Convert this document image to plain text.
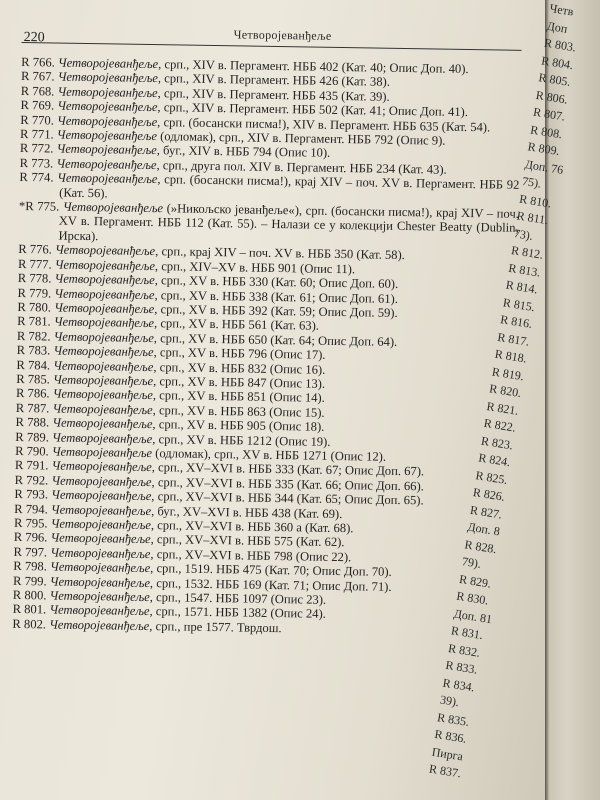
220	Четворојеванђеље
R 766. Четворојеванђеље, срп., XIV в. Пергамент. НББ 402 (Кат. 40; Опис Доп. 40).
R 767. Четворојеванђеље, срп., XIV в. Пергамент. НББ 426 (Кат. 38).
R 768. Четворојеванђеље, срп., XIV в. Пергамент. НББ 435 (Кат. 39).
R 769. Четворојеванђеље, срп., XIV в. Пергамент. НББ 502 (Кат. 41; Опис Доп. 41).
R 770. Четворојеванђеље, срп. (босански писма!), XIV в. Пергамент. НББ 635 (Кат. 54).
R 771. Четворојеванђеље (одломак), срп., XIV в. Пергамент. НББ 792 (Опис 9).
R 772. Четворојеванђеље, буг., XIV в. НББ 794 (Опис 10).
R 773. Четворојеванђеље, срп., друга пол. XIV в. Пергамент. НББ 234 (Кат. 43).
R 774. Четворојеванђеље, срп. (босански писма!), крај XIV – поч. XV в. Пергамент. НББ 92 (Кат. 56).
*R 775. Четворојеванђеље (»Никољско јеванђеље«), срп. (босански писма!), крај XIV – поч. XV в. Пергамент. НББ 112 (Кат. 55). – Налази се у колекцији Chester Beatty (Dublin, Ирска).
R 776. Четворојеванђеље, срп., крај XIV – поч. XV в. НББ 350 (Кат. 58).
R 777. Четворојеванђеље, срп., XIV–XV в. НББ 901 (Опис 11).
R 778. Четворојеванђеље, срп., XV в. НББ 330 (Кат. 60; Опис Доп. 60).
R 779. Четворојеванђеље, срп., XV в. НББ 338 (Кат. 61; Опис Доп. 61).
R 780. Четворојеванђеље, срп., XV в. НББ 392 (Кат. 59; Опис Доп. 59).
R 781. Четворојеванђеље, срп., XV в. НББ 561 (Кат. 63).
R 782. Четворојеванђеље, срп., XV в. НББ 650 (Кат. 64; Опис Доп. 64).
R 783. Четворојеванђеље, срп., XV в. НББ 796 (Опис 17).
R 784. Четворојеванђеље, срп., XV в. НББ 832 (Опис 16).
R 785. Четворојеванђеље, срп., XV в. НББ 847 (Опис 13).
R 786. Четворојеванђеље, срп., XV в. НББ 851 (Опис 14).
R 787. Четворојеванђеље, срп., XV в. НББ 863 (Опис 15).
R 788. Четворојеванђеље, срп., XV в. НББ 905 (Опис 18).
R 789. Четворојеванђеље, срп., XV в. НББ 1212 (Опис 19).
R 790. Четворојеванђеље (одломак), срп., XV в. НББ 1271 (Опис 12).
R 791. Четворојеванђеље, срп., XV–XVI в. НББ 333 (Кат. 67; Опис Доп. 67).
R 792. Четворојеванђеље, срп., XV–XVI в. НББ 335 (Кат. 66; Опис Доп. 66).
R 793. Четворојеванђеље, срп., XV–XVI в. НББ 344 (Кат. 65; Опис Доп. 65).
R 794. Четворојеванђеље, буг., XV–XVI в. НББ 438 (Кат. 69).
R 795. Четворојеванђеље, срп., XV–XVI в. НББ 360 а (Кат. 68).
R 796. Четворојеванђеље, срп., XV–XVI в. НББ 575 (Кат. 62).
R 797. Четворојеванђеље, срп., XV–XVI в. НББ 798 (Опис 22).
R 798. Четворојеванђеље, срп., 1519. НББ 475 (Кат. 70; Опис Доп. 70).
R 799. Четворојеванђеље, срп., 1532. НББ 169 (Кат. 71; Опис Доп. 71).
R 800. Четворојеванђеље, срп., 1547. НББ 1097 (Опис 23).
R 801. Четворојеванђеље, срп., 1571. НББ 1382 (Опис 24).
R 802. Четворојеванђеље, срп., пре 1577. Тврдош.
Четв
Доп
R 803.
R 804.
R 805.
R 806.
R 807.
R 808.
R 809.
Доп. 76
75).
R 810.
R 811.
73).
R 812.
R 813.
R 814.
R 815.
R 816.
R 817.
R 818.
R 819.
R 820.
R 821.
R 822.
R 823.
R 824.
R 825.
R 826.
R 827.
Доп. 8
R 828.
79).
R 829.
R 830.
Доп. 81
R 831.
R 832.
R 833.
R 834.
39).
R 835.
R 836.
Пирга
R 837.
